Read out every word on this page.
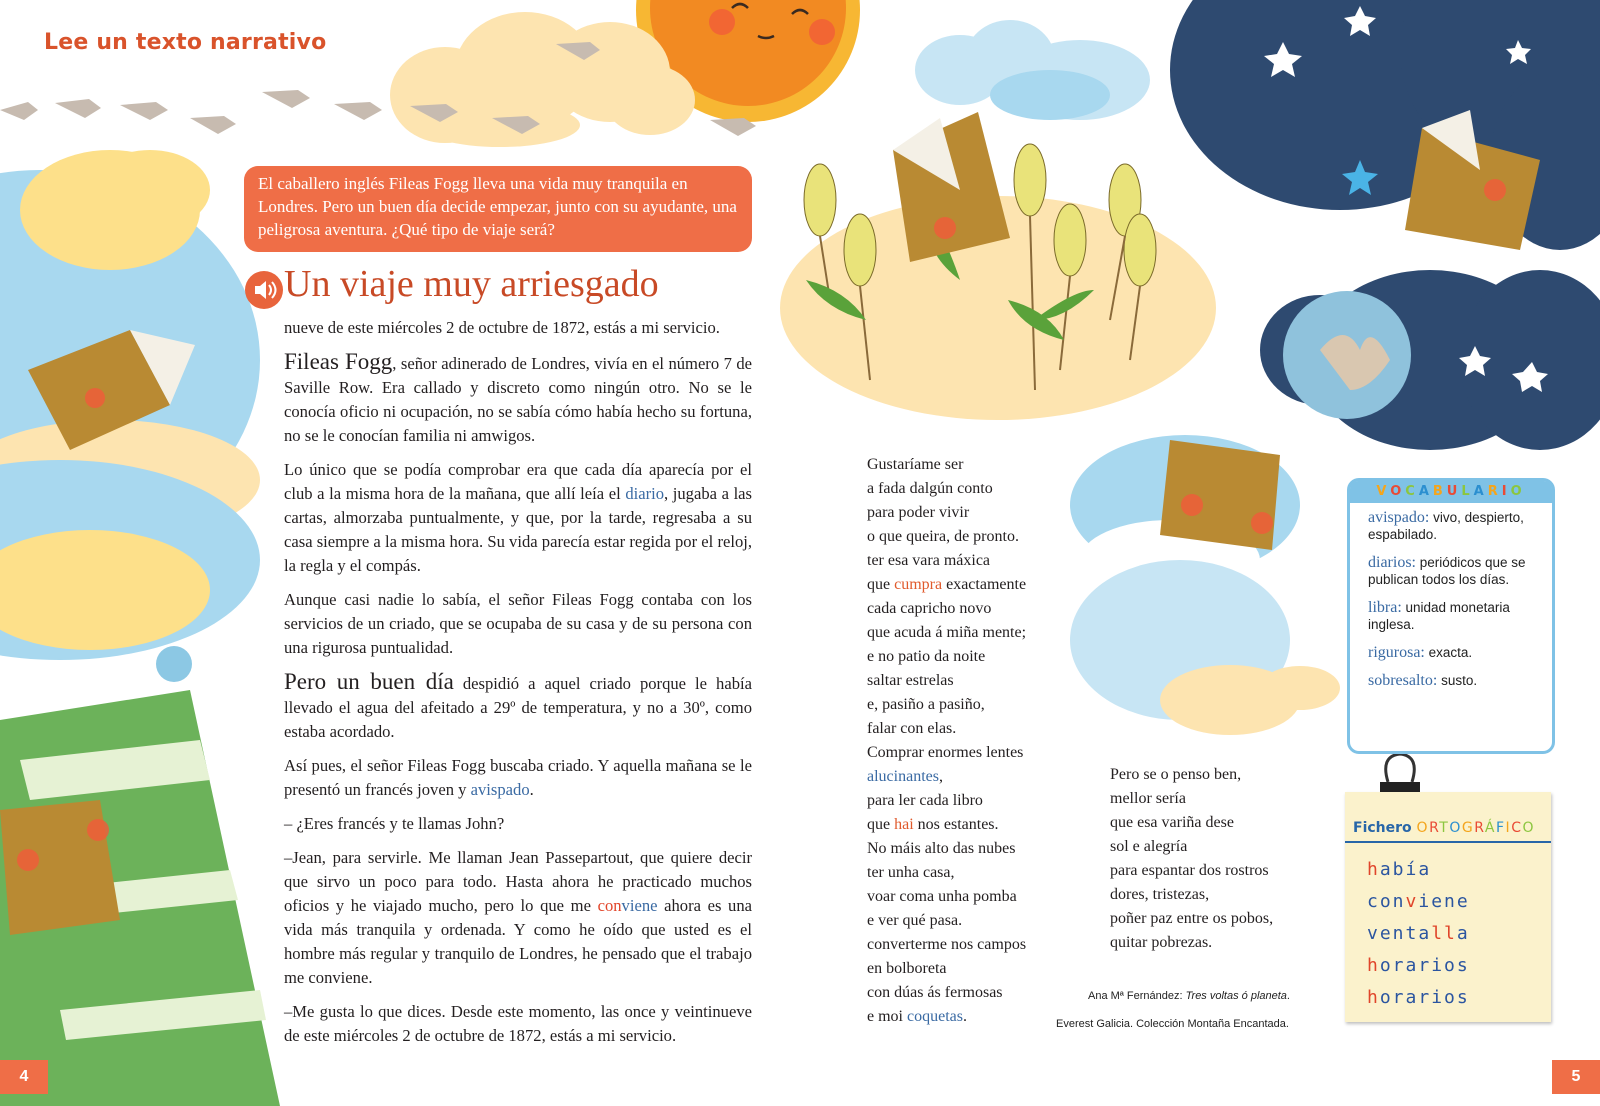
Lee un texto narrativo
El caballero inglés Fileas Fogg lleva una vida muy tranquila en Londres. Pero un buen día decide empezar, junto con su ayudante, una peligrosa aventura. ¿Qué tipo de viaje será?
Un viaje muy arriesgado

nueve de este miércoles 2 de octubre de 1872, estás a mi servicio.

Fileas Fogg, señor adinerado de Londres, vivía en el número 7 de Saville Row. Era callado y discreto como ningún otro. No se le conocía oficio ni ocupación, no se sabía cómo había hecho su fortuna, no se le conocían familia ni amwigos.

Lo único que se podía comprobar era que cada día aparecía por el club a la misma hora de la mañana, que allí leía el diario, jugaba a las cartas, almorzaba puntualmente, y que, por la tarde, regresaba a su casa siempre a la misma hora. Su vida parecía estar regida por el reloj, la regla y el compás.

Aunque casi nadie lo sabía, el señor Fileas Fogg contaba con los servicios de un criado, que se ocupaba de su casa y de su persona con una rigurosa puntualidad.

Pero un buen día despidió a aquel criado porque le había llevado el agua del afeitado a 29º de temperatura, y no a 30º, como estaba acordado.

Así pues, el señor Fileas Fogg buscaba criado. Y aquella mañana se le presentó un francés joven y avispado.

– ¿Eres francés y te llamas John?

–Jean, para servirle. Me llaman Jean Passepartout, que quiere decir que sirvo un poco para todo. Hasta ahora he practicado muchos oficios y he viajado mucho, pero lo que me conviene ahora es una vida más tranquila y ordenada. Y como he oído que usted es el hombre más regular y tranquilo de Londres, he pensado que el trabajo me conviene.

–Me gusta lo que dices. Desde este momento, las once y veintinueve de este miércoles 2 de octubre de 1872, estás a mi servicio.

Gustaríame ser
a fada dalgún conto
para poder vivir
o que queira, de pronto.
ter esa vara máxica
que cumpra exactamente
cada capricho novo
que acuda á miña mente;
e no patio da noite
saltar estrelas
e, pasiño a pasiño,
falar con elas.
Comprar enormes lentes
alucinantes,
para ler cada libro
que hai nos estantes.
No máis alto das nubes
ter unha casa,
voar coma unha pomba
e ver qué pasa.
converterme nos campos
en bolboreta
con dúas ás fermosas
e moi coquetas.
Pero se o penso ben,
mellor sería
que esa variña dese
sol e alegría
para espantar dos rostros
dores, tristezas,
poñer paz entre os pobos,
quitar pobrezas.
Ana Mª Fernández: Tres voltas ó planeta.
Everest Galicia. Colección Montaña Encantada.
VOCABULARIO
avispado: vivo, despierto, espabilado.
diarios: periódicos que se publican todos los días.
libra: unidad monetaria inglesa.
rigurosa: exacta.
sobresalto: susto.
Fichero ORTOGRÁFICO
había
conviene
ventalla
horarios
horarios
4	5
